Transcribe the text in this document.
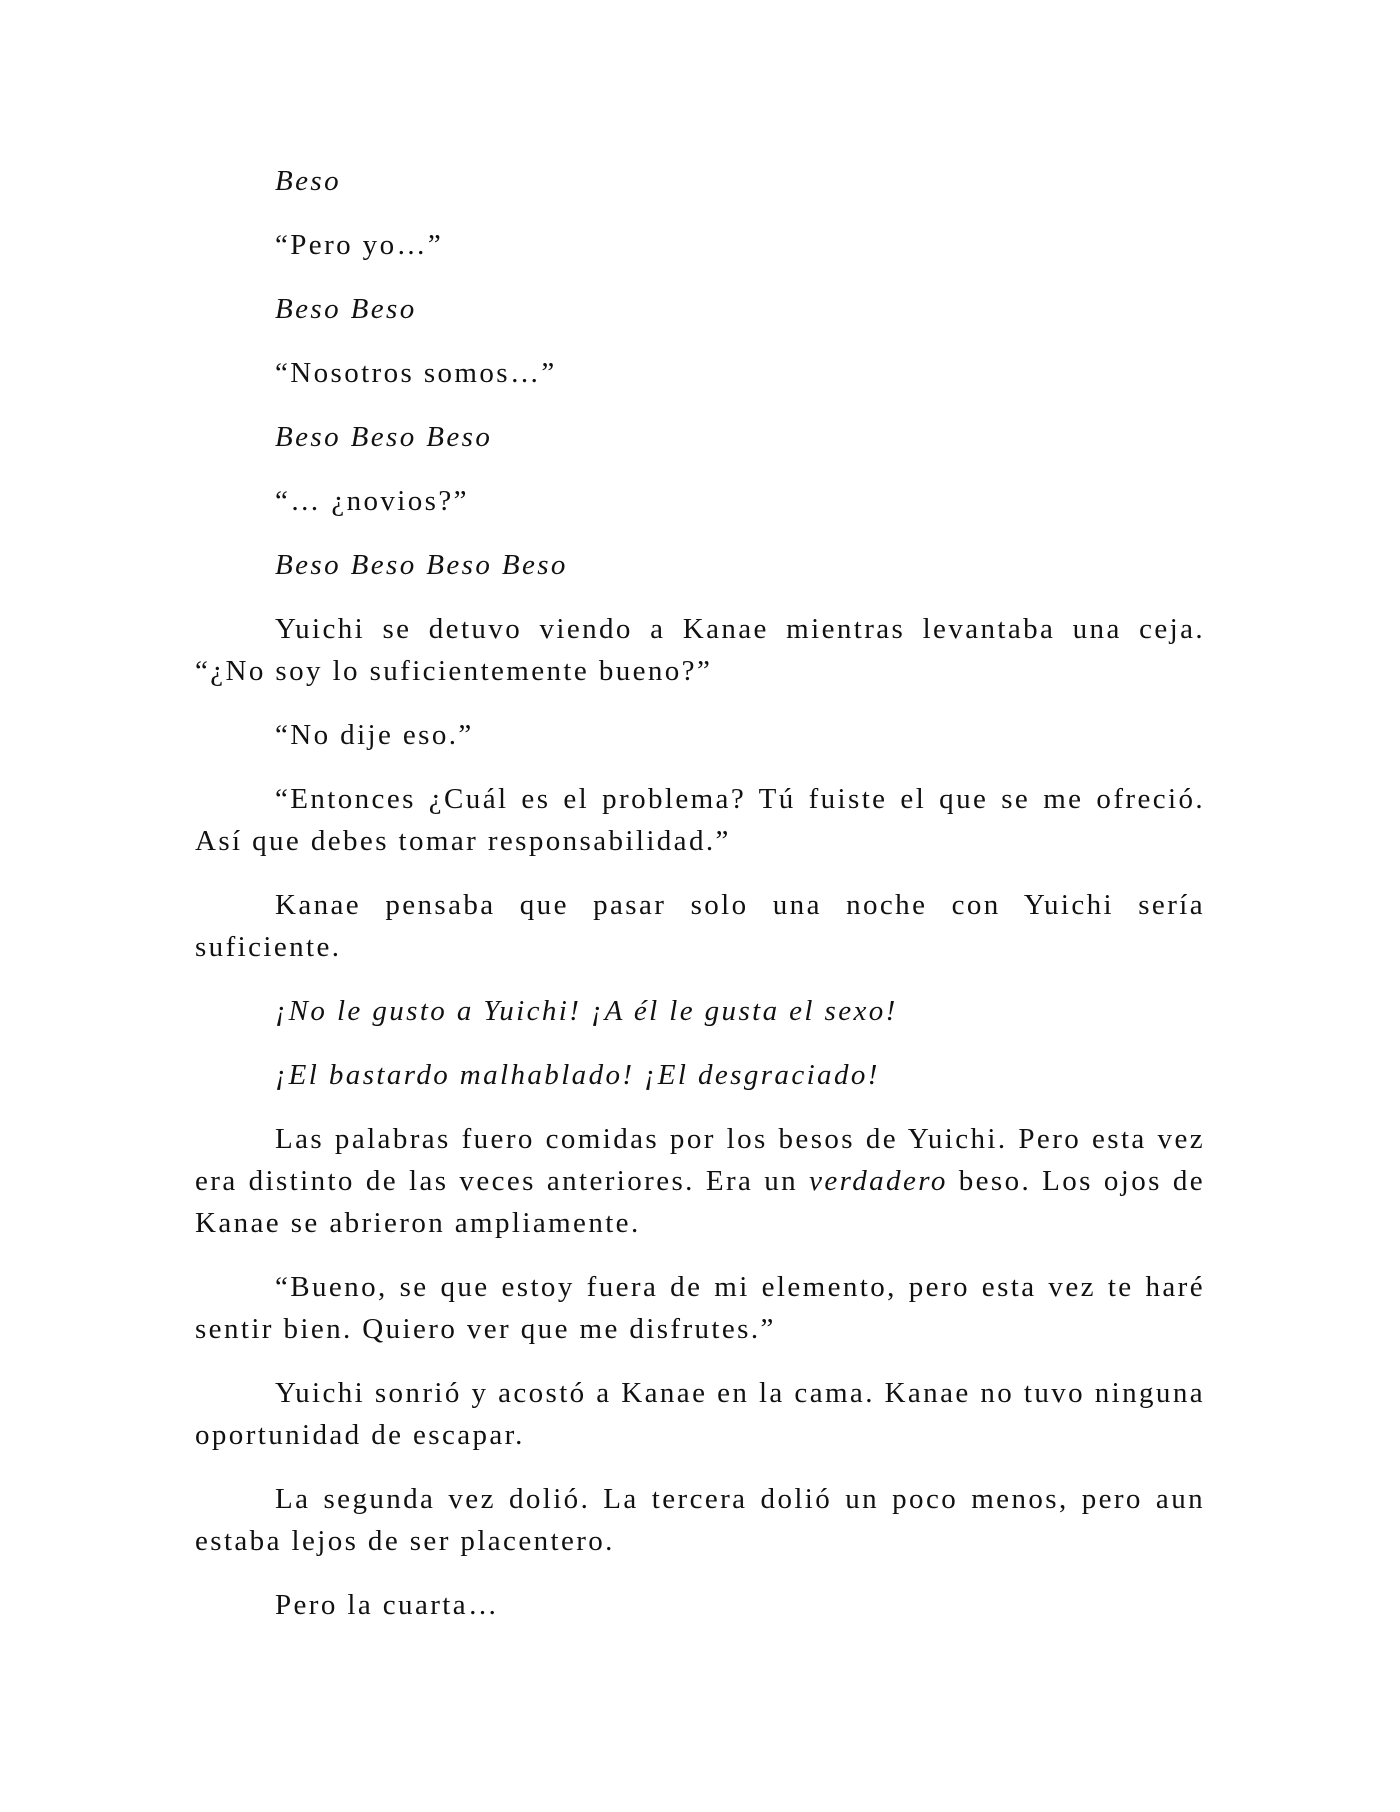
Beso

“Pero yo…”

Beso Beso

“Nosotros somos…”

Beso Beso Beso

“… ¿novios?”

Beso Beso Beso Beso

Yuichi se detuvo viendo a Kanae mientras levantaba una ceja. “¿No soy lo suficientemente bueno?”

“No dije eso.”

“Entonces ¿Cuál es el problema? Tú fuiste el que se me ofreció. Así que debes tomar responsabilidad.”

Kanae pensaba que pasar solo una noche con Yuichi sería suficiente.

¡No le gusto a Yuichi! ¡A él le gusta el sexo!

¡El bastardo malhablado! ¡El desgraciado!

Las palabras fuero comidas por los besos de Yuichi. Pero esta vez era distinto de las veces anteriores. Era un verdadero beso. Los ojos de Kanae se abrieron ampliamente.

“Bueno, se que estoy fuera de mi elemento, pero esta vez te haré sentir bien. Quiero ver que me disfrutes.”

Yuichi sonrió y acostó a Kanae en la cama. Kanae no tuvo ninguna oportunidad de escapar.

La segunda vez dolió. La tercera dolió un poco menos, pero aun estaba lejos de ser placentero.

Pero la cuarta…
